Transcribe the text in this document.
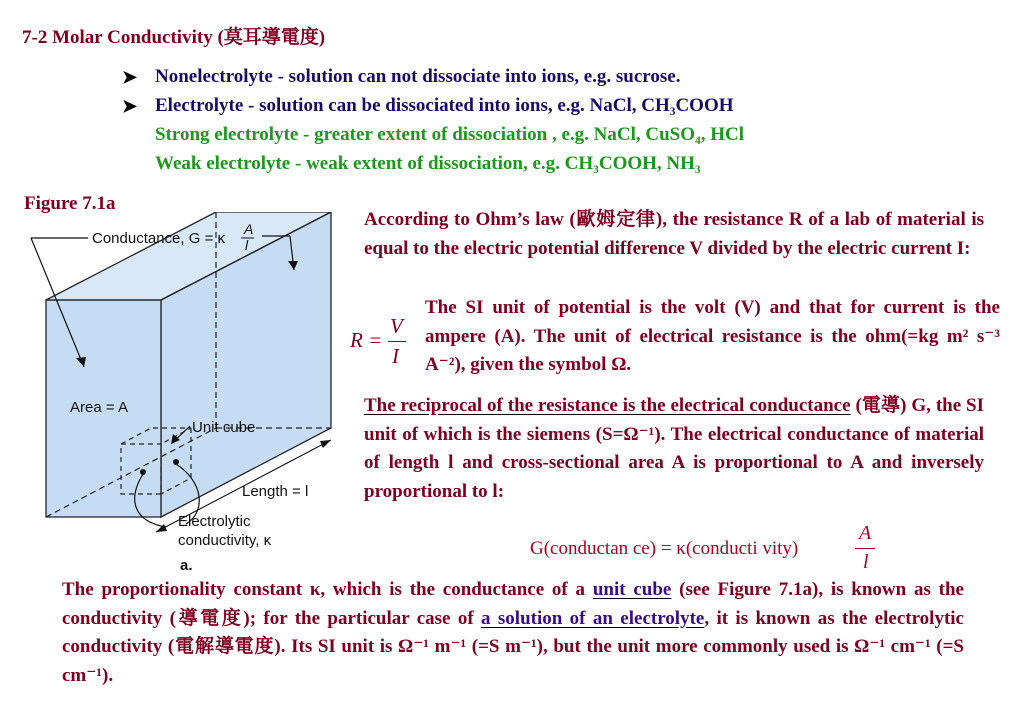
7-2 Molar Conductivity (莫耳導電度)
➤ Nonelectrolyte - solution can not dissociate into ions, e.g. sucrose.
➤ Electrolyte - solution can be dissociated into ions, e.g. NaCl, CH₃COOH
Strong electrolyte - greater extent of dissociation , e.g. NaCl, CuSO₄, HCl
Weak electrolyte - weak extent of dissociation, e.g. CH₃COOH, NH₃
Figure 7.1a
Conductance, G = κ
A
l
Area = A
Unit cube
Length = l
Electrolytic
conductivity, κ
a.
According to Ohm’s law (歐姆定律), the resistance R of a lab of material is equal to the electric potential difference V divided by the electric current I:
R =
V
I
The SI unit of potential is the volt (V) and that for current is the ampere (A). The unit of electrical resistance is the ohm(=kg m² s⁻³ A⁻²), given the symbol Ω.
The reciprocal of the resistance is the electrical conductance (電導) G, the SI unit of which is the siemens (S=Ω⁻¹). The electrical conductance of material of length l and cross-sectional area A is proportional to A and inversely proportional to l:
G(conductan ce) = κ(conducti vity)
A
l
The proportionality constant κ, which is the conductance of a unit cube (see Figure 7.1a), is known as the conductivity (導電度); for the particular case of a solution of an electrolyte, it is known as the electrolytic conductivity (電解導電度). Its SI unit is Ω⁻¹ m⁻¹ (=S m⁻¹), but the unit more commonly used is Ω⁻¹ cm⁻¹ (=S cm⁻¹).
